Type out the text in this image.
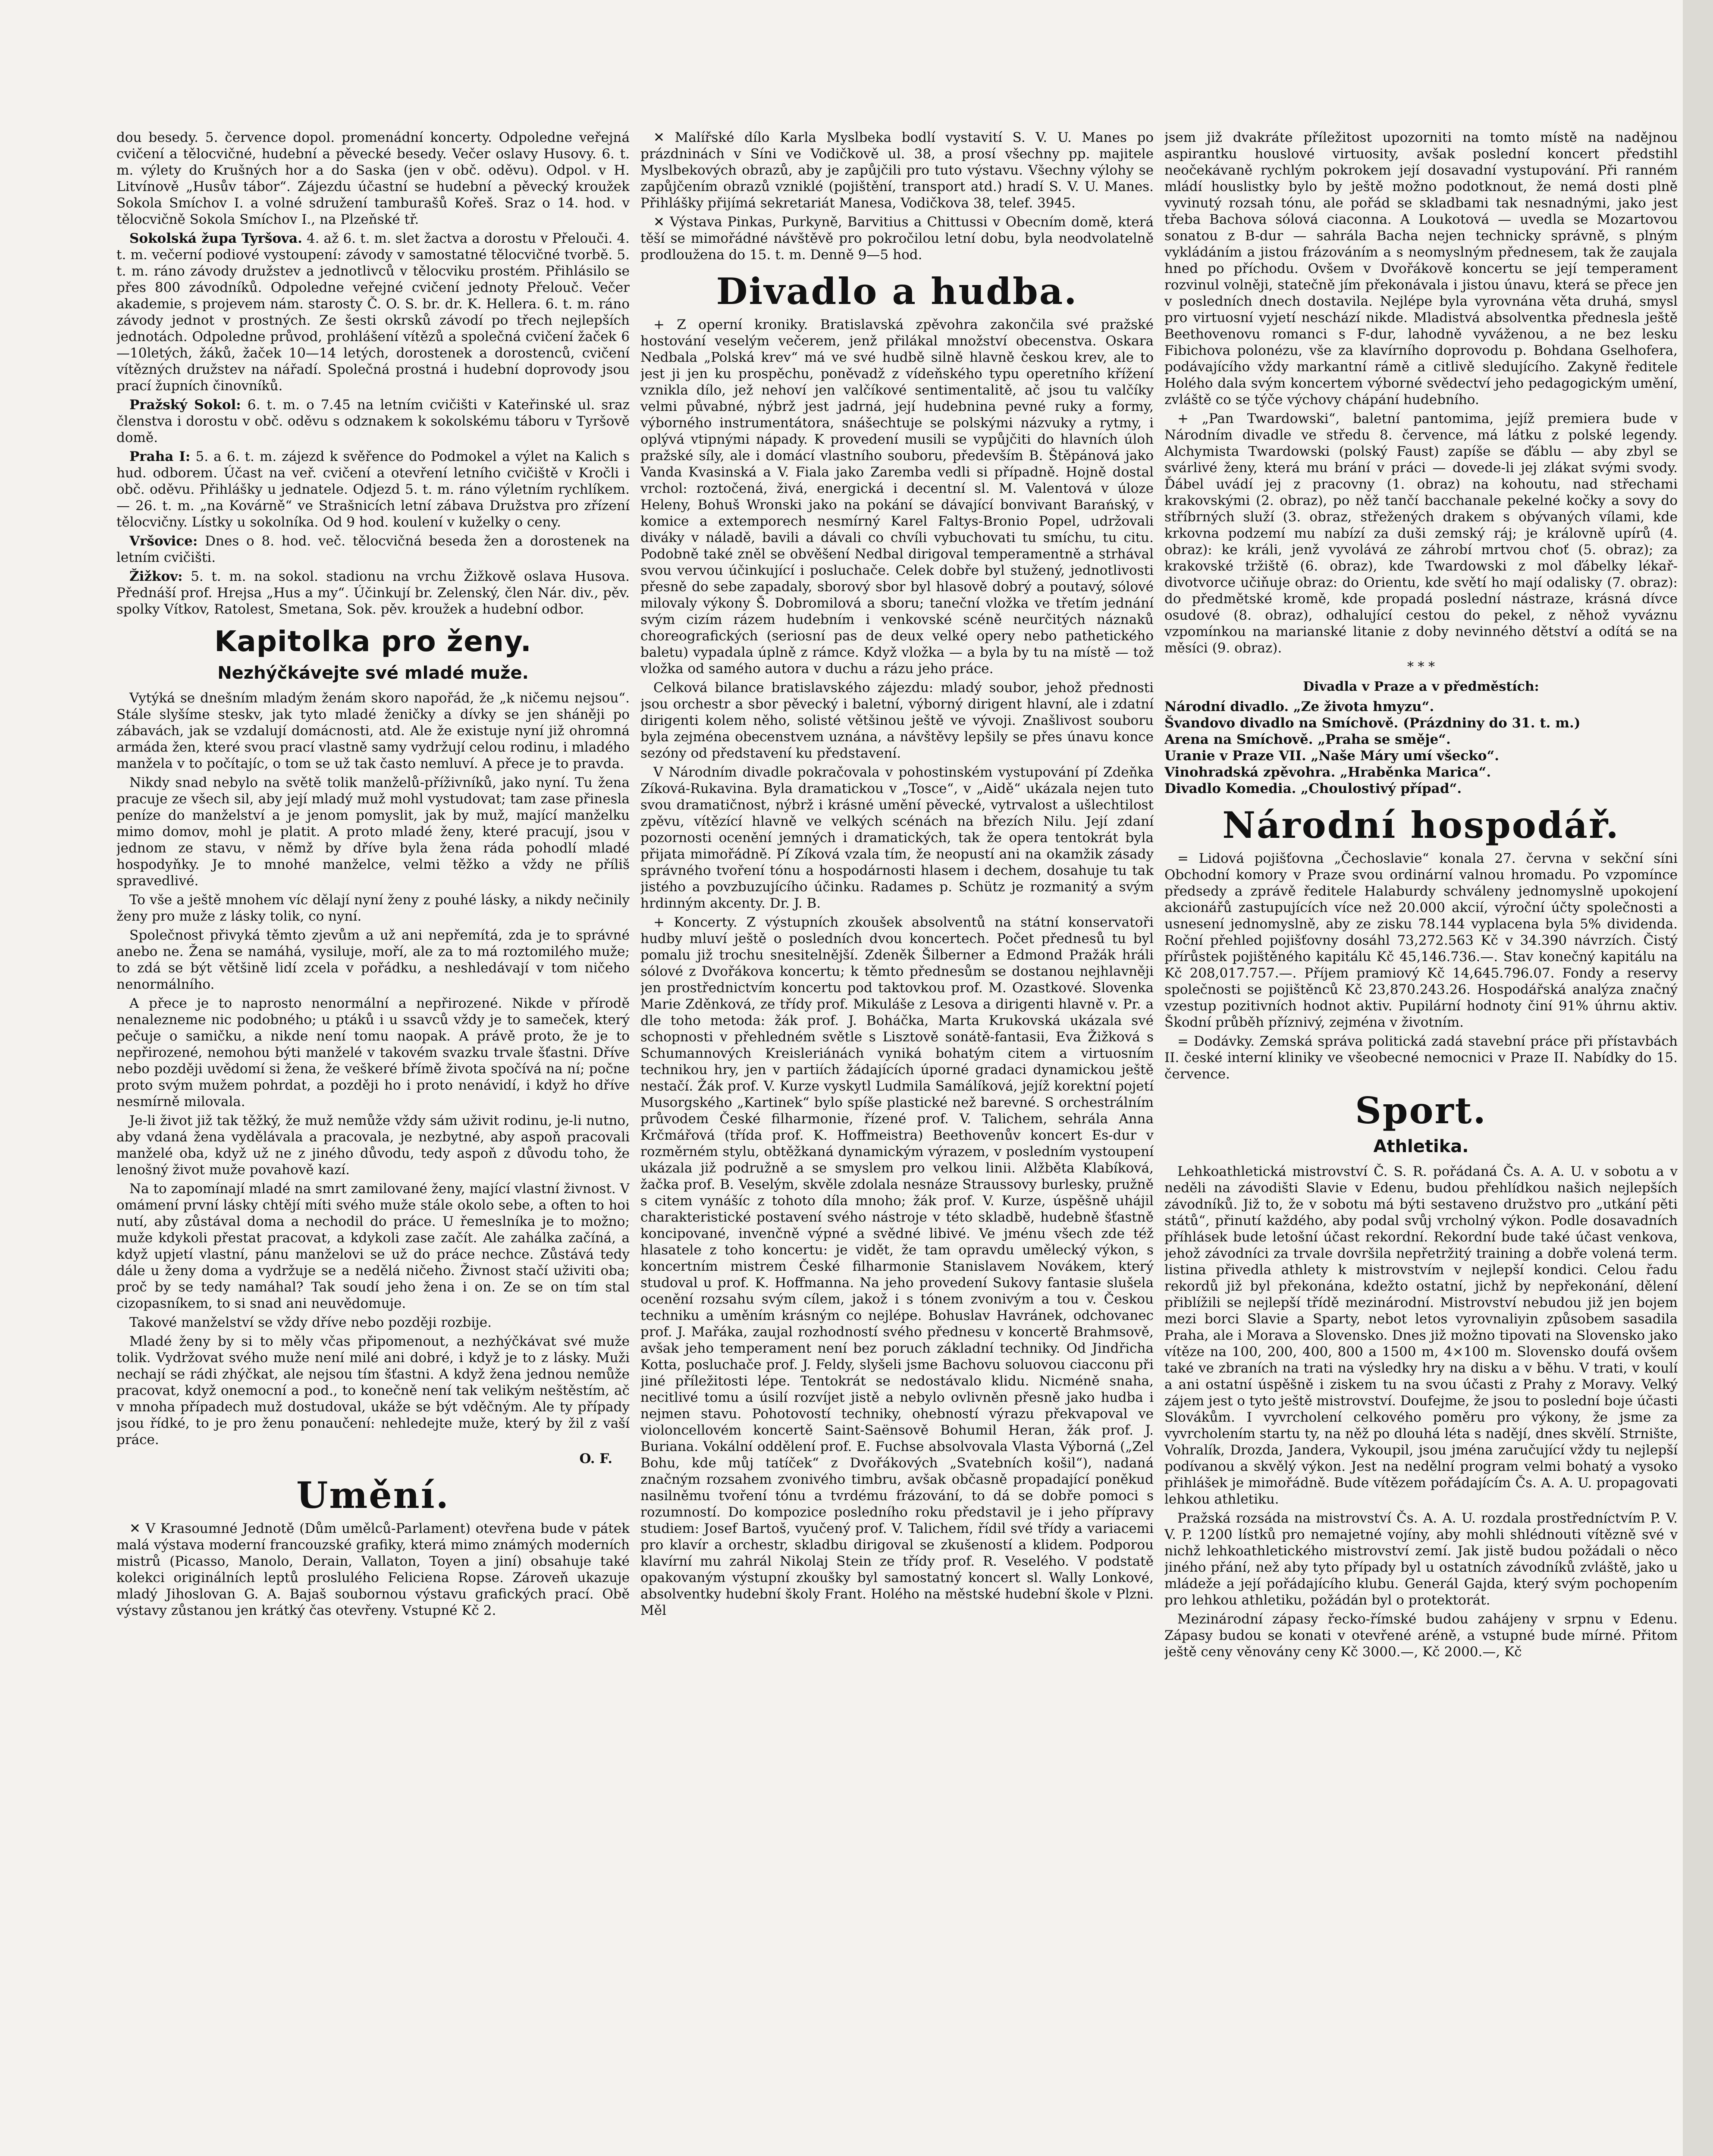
dou besedy. 5. července dopol. promenádní koncerty. Odpoledne veřejná cvičení a tělocvičné, hudební a pěvecké besedy. Večer oslavy Husovy. 6. t. m. výlety do Krušných hor a do Saska (jen v obč. oděvu). Odpol. v H. Litvínově „Husův tábor“. Zájezdu účastní se hudební a pěvecký kroužek Sokola Smíchov I. a volné sdružení tamburašů Kořeš. Sraz o 14. hod. v tělocvičně Sokola Smíchov I., na Plzeňské tř.

Sokolská župa Tyršova. 4. až 6. t. m. slet žactva a dorostu v Přelouči. 4. t. m. večerní podiové vystoupení: závody v samostatné tělocvičné tvorbě. 5. t. m. ráno závody družstev a jednotlivců v tělocviku prostém. Přihlásilo se přes 800 závodníků. Odpoledne veřejné cvičení jednoty Přelouč. Večer akademie, s projevem nám. starosty Č. O. S. br. dr. K. Hellera. 6. t. m. ráno závody jednot v prostných. Ze šesti okrsků závodí po třech nejlepších jednotách. Odpoledne průvod, prohlášení vítězů a společná cvičení žaček 6—10letých, žáků, žaček 10—14 letých, dorostenek a dorostenců, cvičení vítězných družstev na nářadí. Společná prostná i hudební doprovody jsou prací župních činovníků.

Pražský Sokol: 6. t. m. o 7.45 na letním cvičišti v Kateřinské ul. sraz členstva i dorostu v obč. oděvu s odznakem k sokolskému táboru v Tyršově domě.

Praha I: 5. a 6. t. m. zájezd k svěřence do Podmokel a výlet na Kalich s hud. odborem. Účast na veř. cvičení a otevření letního cvičiště v Kročli i obč. oděvu. Přihlášky u jednatele. Odjezd 5. t. m. ráno výletním rychlíkem. — 26. t. m. „na Kovárně“ ve Strašnicích letní zábava Družstva pro zřízení tělocvičny. Lístky u sokolníka. Od 9 hod. koulení v kuželky o ceny.

Vršovice: Dnes o 8. hod. več. tělocvičná beseda žen a dorostenek na letním cvičišti.

Žižkov: 5. t. m. na sokol. stadionu na vrchu Žižkově oslava Husova. Přednáší prof. Hrejsa „Hus a my“. Účinkují br. Zelenský, člen Nár. div., pěv. spolky Vítkov, Ratolest, Smetana, Sok. pěv. kroužek a hudební odbor.

Kapitolka pro ženy.
Nezhýčkávejte své mladé muže.

Vytýká se dnešním mladým ženám skoro napořád, že „k ničemu nejsou“. Stále slyšíme steskv, jak tyto mladé ženičky a dívky se jen sháněji po zábavách, jak se vzdalují domácnosti, atd. Ale že existuje nyní již ohromná armáda žen, které svou prací vlastně samy vydržují celou rodinu, i mladého manžela v to počítajíc, o tom se už tak často nemluví. A přece je to pravda.

Nikdy snad nebylo na světě tolik manželů-příživníků, jako nyní. Tu žena pracuje ze všech sil, aby její mladý muž mohl vystudovat; tam zase přinesla peníze do manželství a je jenom pomyslit, jak by muž, mající manželku mimo domov, mohl je platit. A proto mladé ženy, které pracují, jsou v jednom ze stavu, v němž by dříve byla žena ráda pohodlí mladé hospodyňky. Je to mnohé manželce, velmi těžko a vždy ne příliš spravedlivé.

To vše a ještě mnohem víc dělají nyní ženy z pouhé lásky, a nikdy nečinily ženy pro muže z lásky tolik, co nyní.

Společnost přivyká těmto zjevům a už ani nepřemítá, zda je to správné anebo ne. Žena se namáhá, vysiluje, moří, ale za to má roztomilého muže; to zdá se být většině lidí zcela v pořádku, a neshledávají v tom ničeho nenormálního.

A přece je to naprosto nenormální a nepřirozené. Nikde v přírodě nenalezneme nic podobného; u ptáků i u ssavců vždy je to sameček, který pečuje o samičku, a nikde není tomu naopak. A právě proto, že je to nepřirozené, nemohou býti manželé v takovém svazku trvale šťastni. Dříve nebo později uvědomí si žena, že veškeré břímě života spočívá na ní; počne proto svým mužem pohrdat, a později ho i proto nenávidí, i když ho dříve nesmírně milovala.

Je-li život již tak těžký, že muž nemůže vždy sám uživit rodinu, je-li nutno, aby vdaná žena vydělávala a pracovala, je nezbytné, aby aspoň pracovali manželé oba, když už ne z jiného důvodu, tedy aspoň z důvodu toho, že lenošný život muže povahově kazí.

Na to zapomínají mladé na smrt zamilované ženy, mající vlastní živnost. V omámení první lásky chtějí míti svého muže stále okolo sebe, a often to hoi nutí, aby zůstával doma a nechodil do práce. U řemeslníka je to možno; muže kdykoli přestat pracovat, a kdykoli zase začít. Ale zahálka začíná, a když upjetí vlastní, pánu manželovi se už do práce nechce. Zůstává tedy dále u ženy doma a vydržuje se a nedělá ničeho. Živnost stačí uživiti oba; proč by se tedy namáhal? Tak soudí jeho žena i on. Ze se on tím stal cizopasníkem, to si snad ani neuvědomuje.

Takové manželství se vždy dříve nebo později rozbije.

Mladé ženy by si to měly včas připomenout, a nezhýčkávat své muže tolik. Vydržovat svého muže není milé ani dobré, i když je to z lásky. Muži nechají se rádi zhýčkat, ale nejsou tím šťastni. A když žena jednou nemůže pracovat, když onemocní a pod., to konečně není tak velikým neštěstím, ač v mnoha případech muž dostudoval, ukáže se být vděčným. Ale ty případy jsou řídké, to je pro ženu ponaučení: nehledejte muže, který by žil z vaší práce.

O. F.
Umění.

✕ V Krasoumné Jednotě (Dům umělců-Parlament) otevřena bude v pátek malá výstava moderní francouzské grafiky, která mimo známých moderních mistrů (Picasso, Manolo, Derain, Vallaton, Toyen a jiní) obsahuje také kolekci originálních leptů proslulého Feliciena Ropse. Zároveň ukazuje mladý Jihoslovan G. A. Bajaš soubornou výstavu grafických prací. Obě výstavy zůstanou jen krátký čas otevřeny. Vstupné Kč 2.

✕ Malířské dílo Karla Myslbeka bodlí vystavití S. V. U. Manes po prázdninách v Síni ve Vodičkově ul. 38, a prosí všechny pp. majitele Myslbekových obrazů, aby je zapůjčili pro tuto výstavu. Všechny výlohy se zapůjčením obrazů vzniklé (pojištění, transport atd.) hradí S. V. U. Manes. Přihlášky přijímá sekretariát Manesa, Vodičkova 38, telef. 3945.

✕ Výstava Pinkas, Purkyně, Barvitius a Chittussi v Obecním domě, která těší se mimořádné návštěvě pro pokročilou letní dobu, byla neodvolatelně prodloužena do 15. t. m. Denně 9—5 hod.

Divadlo a hudba.

+ Z operní kroniky. Bratislavská zpěvohra zakončila své pražské hostování veselým večerem, jenž přilákal množství obecenstva. Oskara Nedbala „Polská krev“ má ve své hudbě silně hlavně českou krev, ale to jest ji jen ku prospěchu, poněvadž z vídeňského typu operetního křížení vznikla dílo, jež nehoví jen valčíkové sentimentalitě, ač jsou tu valčíky velmi půvabné, nýbrž jest jadrná, její hudebnina pevné ruky a formy, výborného instrumentátora, snášechtuje se polskými názvuky a rytmy, i oplývá vtipnými nápady. K provedení musili se vypůjčiti do hlavních úloh pražské síly, ale i domácí vlastního souboru, především B. Štěpánová jako Vanda Kvasinská a V. Fiala jako Zaremba vedli si případně. Hojně dostal vrchol: roztočená, živá, energická i decentní sl. M. Valentová v úloze Heleny, Bohuš Wronski jako na pokání se dávající bonvivant Barańský, v komice a extemporech nesmírný Karel Faltys-Bronio Popel, udržovali diváky v náladě, bavili a dávali co chvíli vybuchovati tu smíchu, tu citu. Podobně také zněl se obvěšení Nedbal dirigoval temperamentně a strhával svou vervou účinkující i posluchače. Celek dobře byl stužený, jednotlivosti přesně do sebe zapadaly, sborový sbor byl hlasově dobrý a poutavý, sólové milovaly výkony Š. Dobromilová a sboru; taneční vložka ve třetím jednání svým cizím rázem hudebním i venkovské scéně neurčitých náznaků choreografických (seriosní pas de deux velké opery nebo pathetického baletu) vypadala úplně z rámce. Když vložka — a byla by tu na místě — tož vložka od samého autora v duchu a rázu jeho práce.

Celková bilance bratislavského zájezdu: mladý soubor, jehož přednosti jsou orchestr a sbor pěvecký i baletní, výborný dirigent hlavní, ale i zdatní dirigenti kolem něho, solisté většinou ještě ve vývoji. Znašlivost souboru byla zejména obecenstvem uznána, a návštěvy lepšily se přes únavu konce sezóny od představení ku představení.

V Národním divadle pokračovala v pohostinském vystupování pí Zdeňka Zíková-Rukavina. Byla dramatickou v „Tosce“, v „Aidě“ ukázala nejen tuto svou dramatičnost, nýbrž i krásné umění pěvecké, vytrvalost a ušlechtilost zpěvu, vítězící hlavně ve velkých scénách na březích Nilu. Její zdaní pozornosti ocenění jemných i dramatických, tak že opera tentokrát byla přijata mimořádně. Pí Zíková vzala tím, že neopustí ani na okamžik zásady správného tvoření tónu a hospodárnosti hlasem i dechem, dosahuje tu tak jistého a povzbuzujícího účinku. Radames p. Schütz je rozmanitý a svým hrdinným akcenty. Dr. J. B.

+ Koncerty. Z výstupních zkoušek absolventů na státní konservatoři hudby mluví ještě o posledních dvou koncertech. Počet přednesů tu byl pomalu již trochu snesitelnější. Zdeněk Šilberner a Edmond Pražák hráli sólové z Dvořákova koncertu; k těmto přednesům se dostanou nejhlavněji jen prostřednictvím koncertu pod taktovkou prof. M. Ozastkové. Slovenka Marie Zděnková, ze třídy prof. Mikuláše z Lesova a dirigenti hlavně v. Pr. a dle toho metoda: žák prof. J. Boháčka, Marta Krukovská ukázala své schopnosti v přehledném světle s Lisztově sonátě-fantasii, Eva Žižková s Schumannových Kreisleriánách vyniká bohatým citem a virtuosním technikou hry, jen v partiích žádajících úporné gradaci dynamickou ještě nestačí. Žák prof. V. Kurze vyskytl Ludmila Samálíková, jejíž korektní pojetí Musorgského „Kartinek“ bylo spíše plastické než barevné. S orchestrálním průvodem České filharmonie, řízené prof. V. Talichem, sehrála Anna Krčmářová (třída prof. K. Hoffmeistra) Beethovenův koncert Es-dur v rozměrném stylu, obtěžkaná dynamickým výrazem, v posledním vystoupení ukázala již podružně a se smyslem pro velkou linii. Alžběta Klabíková, žačka prof. B. Veselým, skvěle zdolala nesnáze Straussovy burlesky, pružně s citem vynášíc z tohoto díla mnoho; žák prof. V. Kurze, úspěšně uhájil charakteristické postavení svého nástroje v této skladbě, hudebně šťastně koncipované, invenčně výpné a svědné libivé. Ve jménu všech zde též hlasatele z toho koncertu: je vidět, že tam opravdu umělecký výkon, s koncertním mistrem České filharmonie Stanislavem Novákem, který studoval u prof. K. Hoffmanna. Na jeho provedení Sukovy fantasie slušela ocenění rozsahu svým cílem, jakož i s tónem zvonivým a tou v. Českou techniku a uměním krásným co nejlépe. Bohuslav Havránek, odchovanec prof. J. Mařáka, zaujal rozhodností svého přednesu v koncertě Brahmsově, avšak jeho temperament není bez poruch základní techniky. Od Jindřicha Kotta, posluchače prof. J. Feldy, slyšeli jsme Bachovu soluovou ciacconu při jiné příležitosti lépe. Tentokrát se nedostávalo klidu. Nicméně snaha, necitlivé tomu a úsilí rozvíjet jistě a nebylo ovlivněn přesně jako hudba i nejmen stavu. Pohotovostí techniky, ohebností výrazu překvapoval ve violoncellovém koncertě Saint-Saënsově Bohumil Heran, žák prof. J. Buriana. Vokální oddělení prof. E. Fuchse absolvovala Vlasta Výborná („Zel Bohu, kde můj tatíček“ z Dvořákových „Svatebních košil“), nadaná značným rozsahem zvonivého timbru, avšak občasně propadající poněkud nasilněmu tvoření tónu a tvrdému frázování, to dá se dobře pomoci s rozumností. Do kompozice posledního roku představil je i jeho přípravy studiem: Josef Bartoš, vyučený prof. V. Talichem, řídil své třídy a variacemi pro klavír a orchestr, skladbu dirigoval se zkušeností a klidem. Podporou klavírní mu zahrál Nikolaj Stein ze třídy prof. R. Veselého. V podstatě opakovaným výstupní zkoušky byl samostatný koncert sl. Wally Lonkové, absolventky hudební školy Frant. Holého na městské hudební škole v Plzni. Měl

jsem již dvakráte příležitost upozorniti na tomto místě na nadějnou aspirantku houslové virtuosity, avšak poslední koncert předstihl neočekávaně rychlým pokrokem její dosavadní vystupování. Při ranném mládí houslistky bylo by ještě možno podotknout, že nemá dosti plně vyvinutý rozsah tónu, ale pořád se skladbami tak nesnadnými, jako jest třeba Bachova sólová ciaconna. A Loukotová — uvedla se Mozartovou sonatou z B-dur — sahrála Bacha nejen technicky správně, s plným vykládáním a jistou frázováním a s neomyslným přednesem, tak že zaujala hned po příchodu. Ovšem v Dvořákově koncertu se její temperament rozvinul volněji, statečně jím překonávala i jistou únavu, která se přece jen v posledních dnech dostavila. Nejlépe byla vyrovnána věta druhá, smysl pro virtuosní vyjetí neschází nikde. Mladistvá absolventka přednesla ještě Beethovenovu romanci s F-dur, lahodně vyváženou, a ne bez lesku Fibichova polonézu, vše za klavírního doprovodu p. Bohdana Gselhofera, podávajícího vždy markantní rámě a citlivě sledujícího. Zakyně ředitele Holého dala svým koncertem výborné svědectví jeho pedagogickým umění, zvláště co se týče výchovy chápání hudebního.

+ „Pan Twardowski“, baletní pantomima, jejíž premiera bude v Národním divadle ve středu 8. července, má látku z polské legendy. Alchymista Twardowski (polský Faust) zapíše se ďáblu — aby zbyl se svárlivé ženy, která mu brání v práci — dovede-li jej zlákat svými svody. Ďábel uvádí jej z pracovny (1. obraz) na kohoutu, nad střechami krakovskými (2. obraz), po něž tančí bacchanale pekelné kočky a sovy do stříbrných služí (3. obraz, střežených drakem s obývaných vílami, kde krkovna podzemí mu nabízí za duši zemský ráj; je královně upírů (4. obraz): ke králi, jenž vyvolává ze záhrobí mrtvou choť (5. obraz); za krakovské tržiště (6. obraz), kde Twardowski z mol ďábelky lékař-divotvorce učiňuje obraz: do Orientu, kde světí ho mají odalisky (7. obraz): do předmětské kromě, kde propadá poslední nástraze, krásná dívce osudové (8. obraz), odhalující cestou do pekel, z něhož vyváznu vzpomínkou na marianské litanie z doby nevinného dětství a odítá se na měsíci (9. obraz).

* * *
Divadla v Praze a v předměstích:
Národní divadlo. „Ze života hmyzu“.
Švandovo divadlo na Smíchově. (Prázdniny do 31. t. m.)
Arena na Smíchově. „Praha se směje“.
Uranie v Praze VII. „Naše Máry umí všecko“.
Vinohradská zpěvohra. „Hraběnka Marica“.
Divadlo Komedia. „Choulostivý případ“.
Národní hospodář.

= Lidová pojišťovna „Čechoslavie“ konala 27. června v sekční síni Obchodní komory v Praze svou ordinární valnou hromadu. Po vzpomínce předsedy a zprávě ředitele Halaburdy schváleny jednomyslně upokojení akcionářů zastupujících více než 20.000 akcií, výroční účty společnosti a usnesení jednomyslně, aby ze zisku 78.144 vyplacena byla 5% dividenda. Roční přehled pojišťovny dosáhl 73,272.563 Kč v 34.390 návrzích. Čistý přírůstek pojištěného kapitálu Kč 45,146.736.—. Stav konečný kapitálu na Kč 208,017.757.—. Příjem pramiový Kč 14,645.796.07. Fondy a reservy společnosti se pojištěnců Kč 23,870.243.26. Hospodářská analýza značný vzestup pozitivních hodnot aktiv. Pupilární hodnoty činí 91% úhrnu aktiv. Škodní průběh příznivý, zejména v životním.

= Dodávky. Zemská správa politická zadá stavební práce při přístavbách II. české interní kliniky ve všeobecné nemocnici v Praze II. Nabídky do 15. července.

Sport.
Athletika.

Lehkoathletická mistrovství Č. S. R. pořádaná Čs. A. A. U. v sobotu a v neděli na závodišti Slavie v Edenu, budou přehlídkou našich nejlepších závodníků. Již to, že v sobotu má býti sestaveno družstvo pro „utkání pěti států“, přinutí každého, aby podal svůj vrcholný výkon. Podle dosavadních příhlásek bude letošní účast rekordní. Rekordní bude také účast venkova, jehož závodníci za trvale dovršila nepřetržitý training a dobře volená term. listina přivedla athlety k mistrovstvím v nejlepší kondici. Celou řadu rekordů již byl překonána, kdežto ostatní, jichž by nepřekonání, dělení přiblížili se nejlepší třídě mezinárodní. Mistrovství nebudou již jen bojem mezi borci Slavie a Sparty, nebot letos vyrovnaliyin způsobem sasadila Praha, ale i Morava a Slovensko. Dnes již možno tipovati na Slovensko jako vítěze na 100, 200, 400, 800 a 1500 m, 4×100 m. Slovensko doufá ovšem také ve zbraních na trati na výsledky hry na disku a v běhu. V trati, v koulí a ani ostatní úspěšně i ziskem tu na svou účasti z Prahy z Moravy. Velký zájem jest o tyto ještě mistrovství. Doufejme, že jsou to poslední boje účasti Slovákům. I vyvrcholení celkového poměru pro výkony, že jsme za vyvrcholením startu ty, na něž po dlouhá léta s nadějí, dnes skvělí. Strnište, Vohralík, Drozda, Jandera, Vykoupil, jsou jména zaručující vždy tu nejlepší podívanou a skvělý výkon. Jest na nedělní program velmi bohatý a vysoko přihlášek je mimořádně. Bude vítězem pořádajícím Čs. A. A. U. propagovati lehkou athletiku.

Pražská rozsáda na mistrovství Čs. A. A. U. rozdala prostředníctvím P. V. V. P. 1200 lístků pro nemajetné vojíny, aby mohli shlédnouti vítězně své v nichž lehkoathletického mistrovství zemí. Jak jistě budou požádali o něco jiného přání, než aby tyto případy byl u ostatních závodníků zvláště, jako u mládeže a její pořádajícího klubu. Generál Gajda, který svým pochopením pro lehkou athletiku, požádán byl o protektorát.

Mezinárodní zápasy řecko-římské budou zahájeny v srpnu v Edenu. Zápasy budou se konati v otevřené aréně, a vstupné bude mírné. Přitom ještě ceny věnovány ceny Kč 3000.—, Kč 2000.—, Kč
